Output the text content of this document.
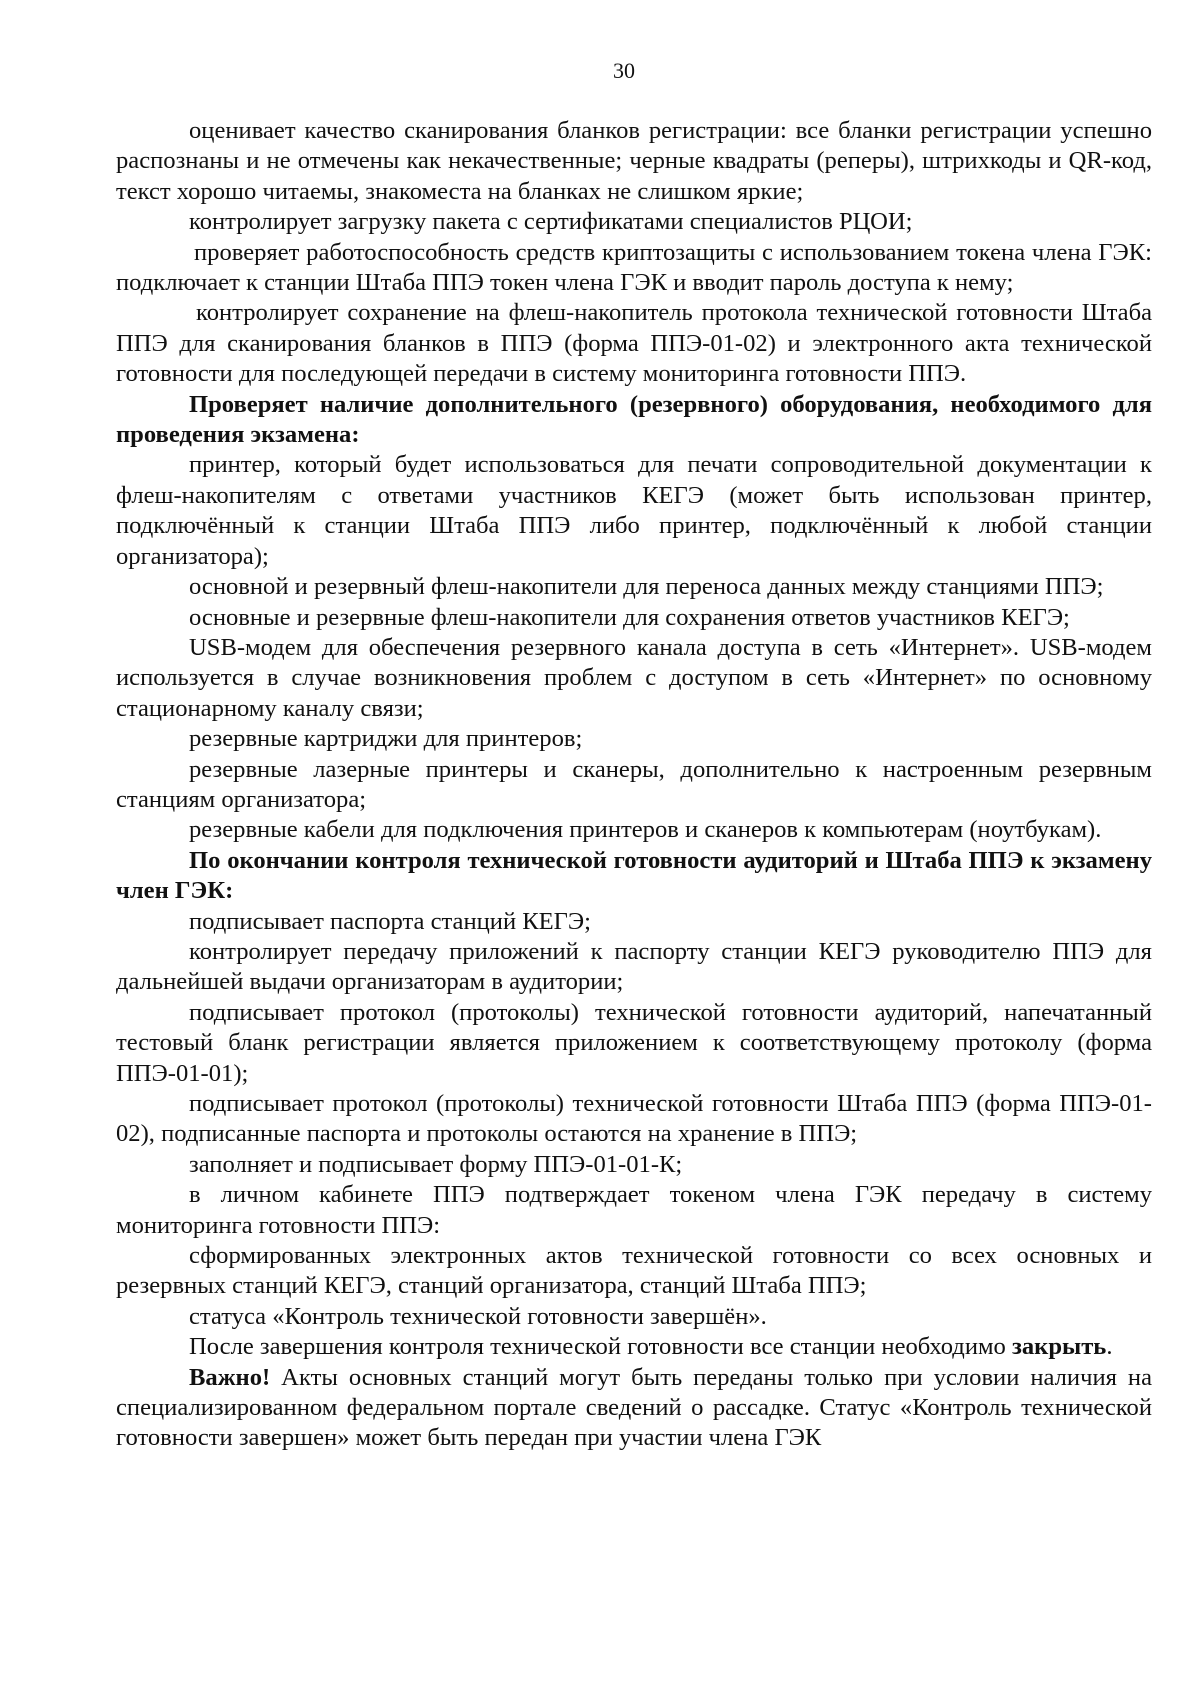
30

оценивает качество сканирования бланков регистрации: все бланки регистрации успешно распознаны и не отмечены как некачественные; черные квадраты (реперы), штрихкоды и QR-код, текст хорошо читаемы, знакоместа на бланках не слишком яркие;

контролирует загрузку пакета с сертификатами специалистов РЦОИ;

проверяет работоспособность средств криптозащиты с использованием токена члена ГЭК: подключает к станции Штаба ППЭ токен члена ГЭК и вводит пароль доступа к нему;

контролирует сохранение на флеш-накопитель протокола технической готовности Штаба ППЭ для сканирования бланков в ППЭ (форма ППЭ-01-02) и электронного акта технической готовности для последующей передачи в систему мониторинга готовности ППЭ.

Проверяет наличие дополнительного (резервного) оборудования, необходимого для проведения экзамена:

принтер, который будет использоваться для печати сопроводительной документации к флеш-накопителям с ответами участников КЕГЭ (может быть использован принтер, подключённый к станции Штаба ППЭ либо принтер, подключённый к любой станции организатора);

основной и резервный флеш-накопители для переноса данных между станциями ППЭ;

основные и резервные флеш-накопители для сохранения ответов участников КЕГЭ;

USB-модем для обеспечения резервного канала доступа в сеть «Интернет». USB-модем используется в случае возникновения проблем с доступом в сеть «Интернет» по основному стационарному каналу связи;

резервные картриджи для принтеров;

резервные лазерные принтеры и сканеры, дополнительно к настроенным резервным станциям организатора;

резервные кабели для подключения принтеров и сканеров к компьютерам (ноутбукам).

По окончании контроля технической готовности аудиторий и Штаба ППЭ к экзамену член ГЭК:

подписывает паспорта станций КЕГЭ;

контролирует передачу приложений к паспорту станции КЕГЭ руководителю ППЭ для дальнейшей выдачи организаторам в аудитории;

подписывает протокол (протоколы) технической готовности аудиторий, напечатанный тестовый бланк регистрации является приложением к соответствующему протоколу (форма ППЭ-01-01);

подписывает протокол (протоколы) технической готовности Штаба ППЭ (форма ППЭ-01-02), подписанные паспорта и протоколы остаются на хранение в ППЭ;

заполняет и подписывает форму ППЭ-01-01-К;

в личном кабинете ППЭ подтверждает токеном члена ГЭК передачу в систему мониторинга готовности ППЭ:

сформированных электронных актов технической готовности со всех основных и резервных станций КЕГЭ, станций организатора, станций Штаба ППЭ;

статуса «Контроль технической готовности завершён».

После завершения контроля технической готовности все станции необходимо закрыть.

Важно! Акты основных станций могут быть переданы только при условии наличия на специализированном федеральном портале сведений о рассадке. Статус «Контроль технической готовности завершен» может быть передан при участии члена ГЭК
